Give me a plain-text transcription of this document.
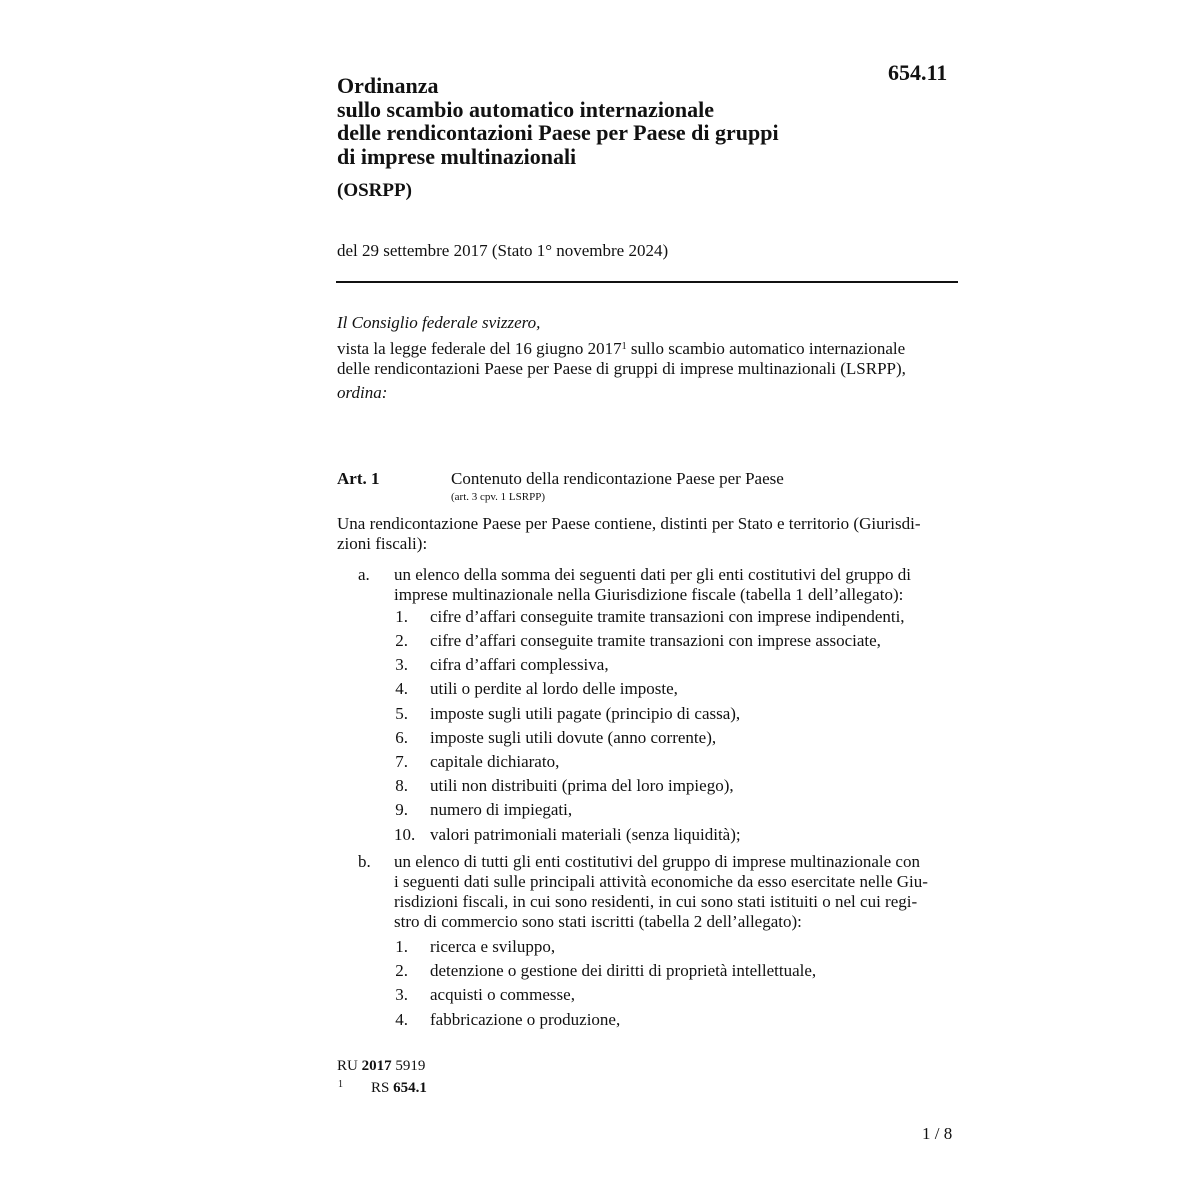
654.11
Ordinanza
sullo scambio automatico internazionale
delle rendicontazioni Paese per Paese di gruppi
di imprese multinazionali
(OSRPP)
del 29 settembre 2017 (Stato 1° novembre 2024)
Il Consiglio federale svizzero,
vista la legge federale del 16 giugno 2017$^1$ sullo scambio automatico internazionale
delle rendicontazioni Paese per Paese di gruppi di imprese multinazionali (LSRPP),
ordina:
Art. 1	Contenuto della rendicontazione Paese per Paese
(art. 3 cpv. 1 LSRPP)
Una rendicontazione Paese per Paese contiene, distinti per Stato e territorio (Giurisdi-
zioni fiscali):
a. un elenco della somma dei seguenti dati per gli enti costitutivi del gruppo di
imprese multinazionale nella Giurisdizione fiscale (tabella 1 dell’allegato):
1. cifre d’affari conseguite tramite transazioni con imprese indipendenti,
2. cifre d’affari conseguite tramite transazioni con imprese associate,
3. cifra d’affari complessiva,
4. utili o perdite al lordo delle imposte,
5. imposte sugli utili pagate (principio di cassa),
6. imposte sugli utili dovute (anno corrente),
7. capitale dichiarato,
8. utili non distribuiti (prima del loro impiego),
9. numero di impiegati,
10. valori patrimoniali materiali (senza liquidità);
b. un elenco di tutti gli enti costitutivi del gruppo di imprese multinazionale con
i seguenti dati sulle principali attività economiche da esso esercitate nelle Giu-
risdizioni fiscali, in cui sono residenti, in cui sono stati istituiti o nel cui regi-
stro di commercio sono stati iscritti (tabella 2 dell’allegato):
1. ricerca e sviluppo,
2. detenzione o gestione dei diritti di proprietà intellettuale,
3. acquisti o commesse,
4. fabbricazione o produzione,
RU 2017 5919
1 RS 654.1
1 / 8
